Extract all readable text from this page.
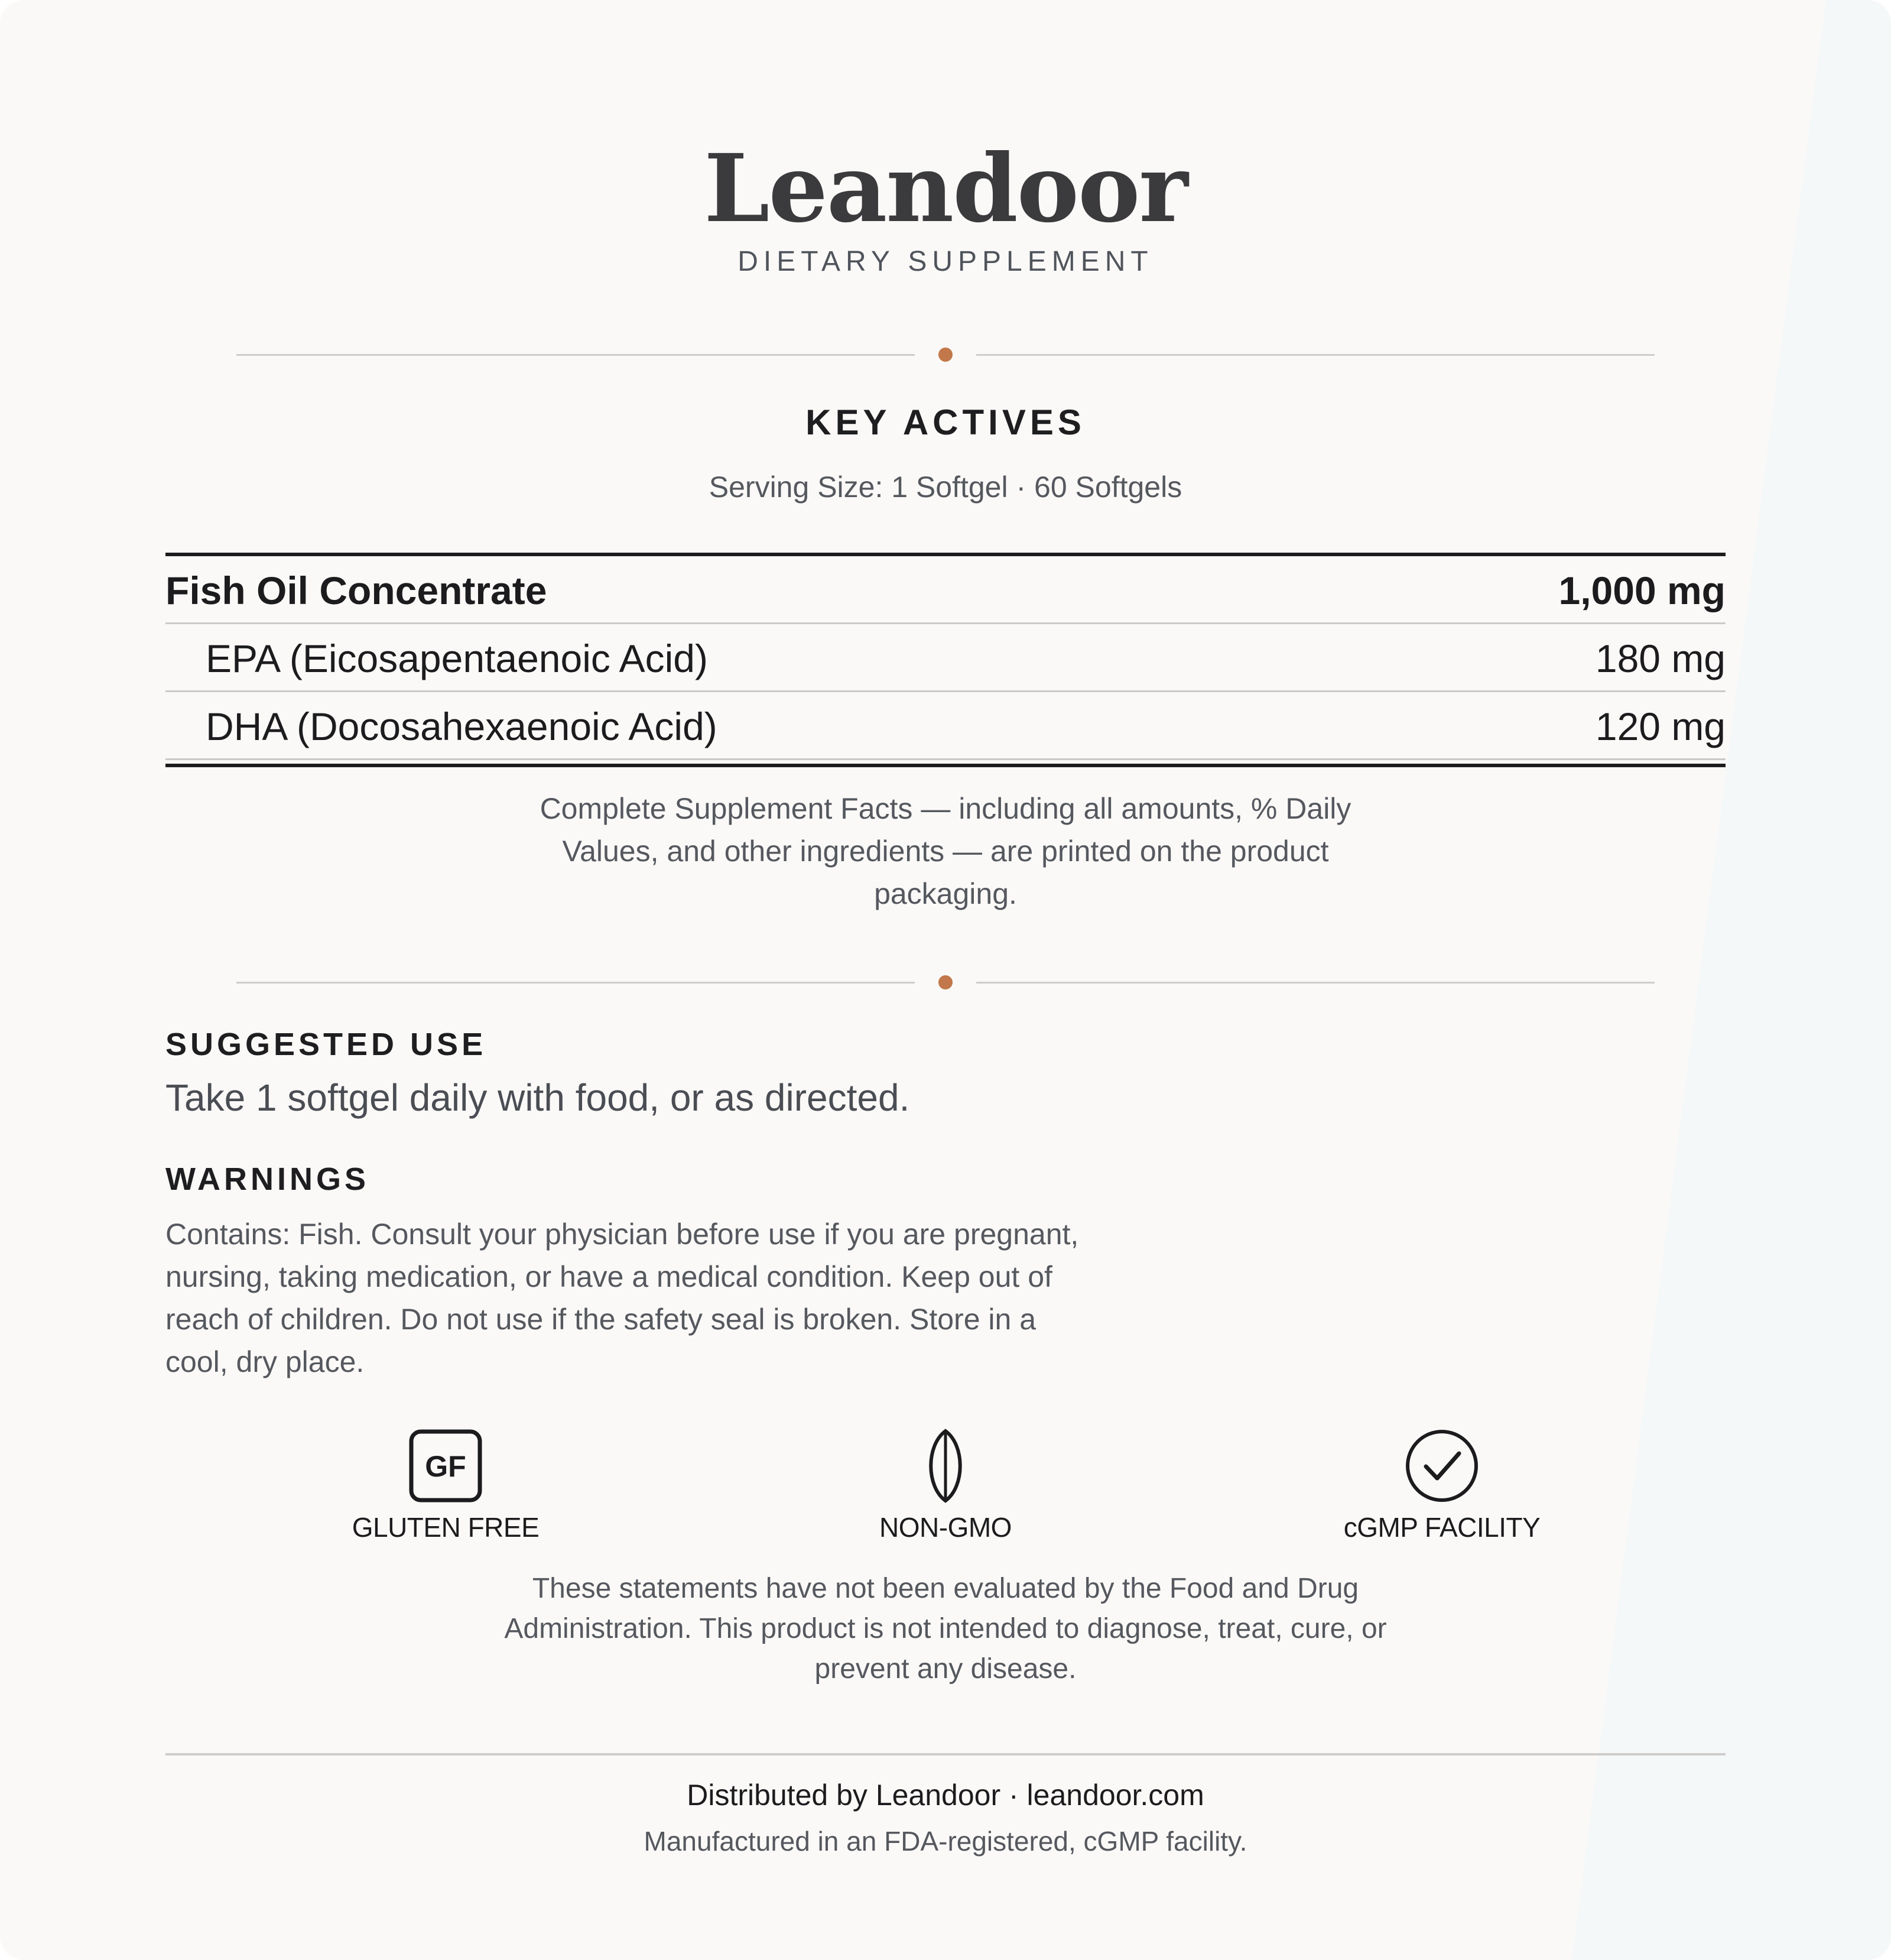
Leandoor
DIETARY SUPPLEMENT
KEY ACTIVES
Serving Size: 1 Softgel · 60 Softgels
Fish Oil Concentrate	1,000 mg
EPA (Eicosapentaenoic Acid)	180 mg
DHA (Docosahexaenoic Acid)	120 mg
Complete Supplement Facts — including all amounts, % Daily Values, and other ingredients — are printed on the product packaging.
SUGGESTED USE
Take 1 softgel daily with food, or as directed.
WARNINGS
Contains: Fish. Consult your physician before use if you are pregnant, nursing, taking medication, or have a medical condition. Keep out of reach of children. Do not use if the safety seal is broken. Store in a cool, dry place.
GF
GLUTEN FREE	NON-GMO	cGMP FACILITY
These statements have not been evaluated by the Food and Drug Administration. This product is not intended to diagnose, treat, cure, or prevent any disease.
Distributed by Leandoor · leandoor.com
Manufactured in an FDA-registered, cGMP facility.
